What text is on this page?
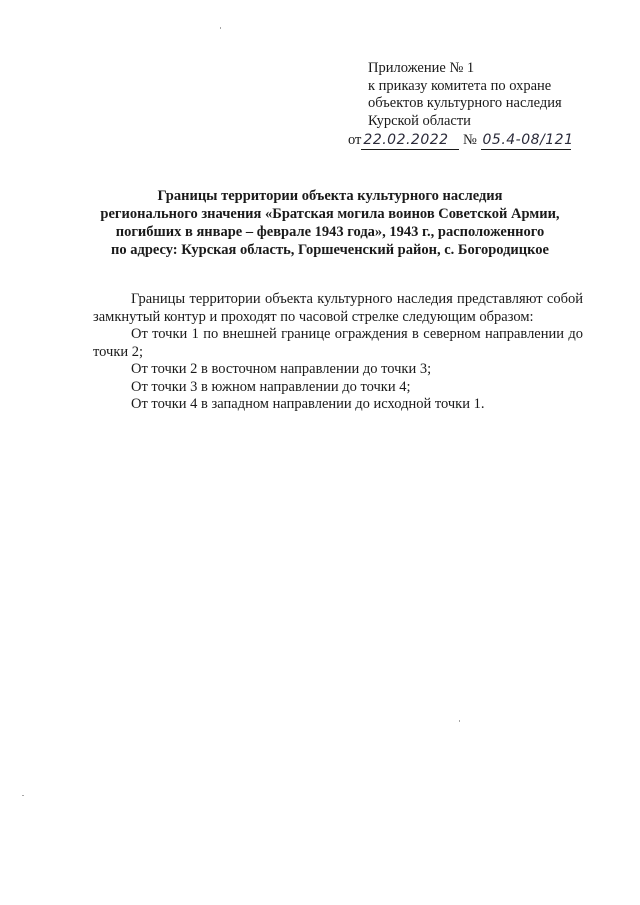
Приложение № 1
к приказу комитета по охране
объектов культурного наследия
Курской области
от 22.02.2022 № 05.4-08/121
Границы территории объекта культурного наследия
регионального значения «Братская могила воинов Советской Армии,
погибших в январе – феврале 1943 года», 1943 г., расположенного
по адресу: Курская область, Горшеченский район, с. Богородицкое

Границы территории объекта культурного наследия представляют собой замкнутый контур и проходят по часовой стрелке следующим образом:

От точки 1 по внешней границе ограждения в северном направлении до точки 2;

От точки 2 в восточном направлении до точки 3;

От точки 3 в южном направлении до точки 4;

От точки 4 в западном направлении до исходной точки 1.
